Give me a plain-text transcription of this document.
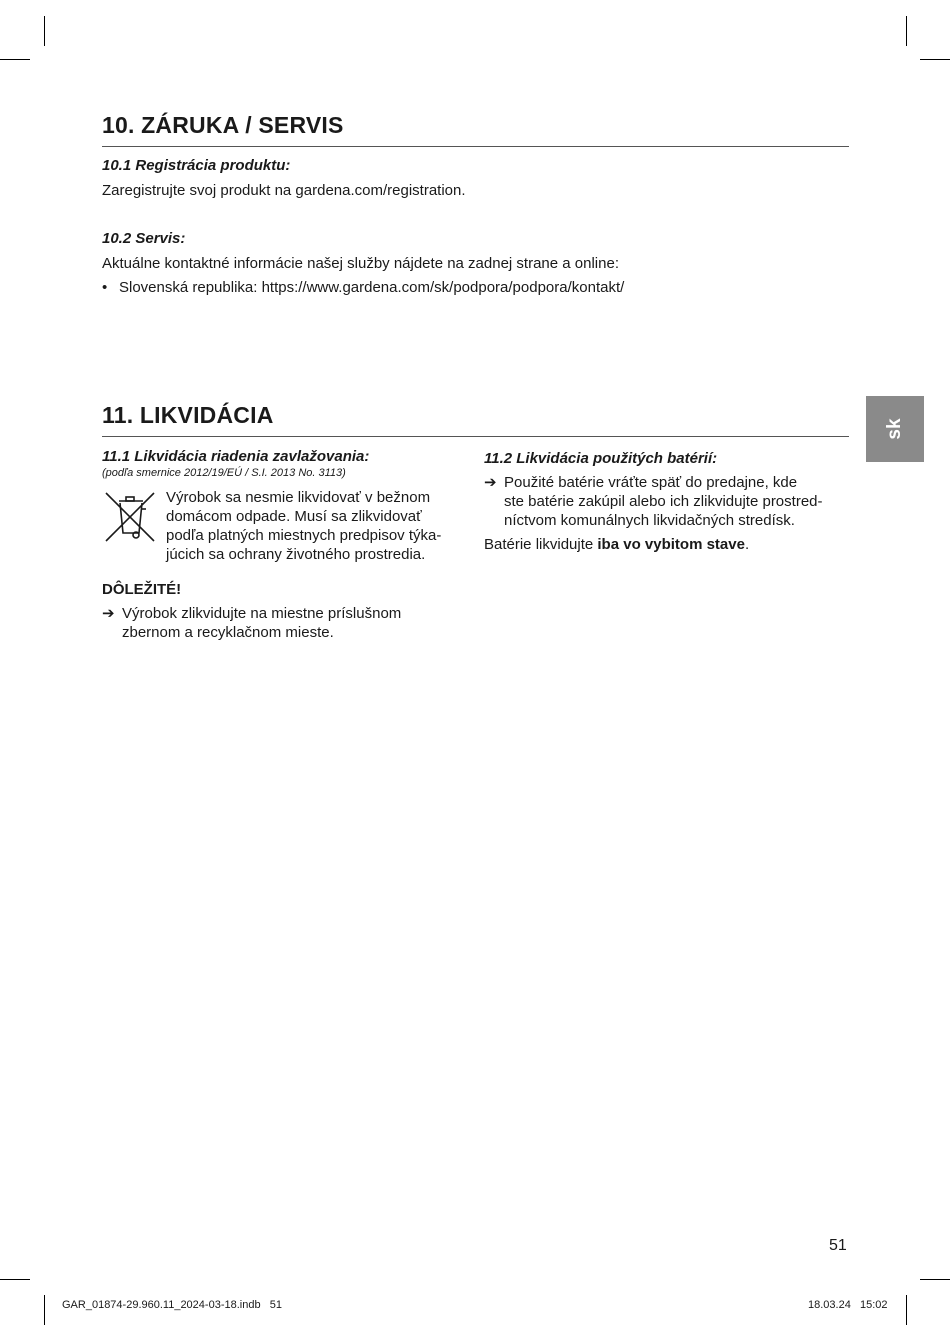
10. ZÁRUKA / SERVIS
10.1 Registrácia produktu:
Zaregistrujte svoj produkt na gardena.com/registration.
10.2 Servis:
Aktuálne kontaktné informácie našej služby nájdete na zadnej strane a online:
• Slovenská republika: https://www.gardena.com/sk/podpora/podpora/kontakt/
11. LIKVIDÁCIA
sk
11.1 Likvidácia riadenia zavlažovania:
(podľa smernice 2012/19/EÚ / S.I. 2013 No. 3113)
Výrobok sa nesmie likvidovať v bežnom
domácom odpade. Musí sa zlikvidovať
podľa platných miestnych predpisov týka-
júcich sa ochrany životného prostredia.
DÔLEŽITÉ!
➔ Výrobok zlikvidujte na miestne príslušnom
zbernom a recyklačnom mieste.
11.2 Likvidácia použitých batérií:
➔ Použité batérie vráťte späť do predajne, kde
ste batérie zakúpil alebo ich zlikvidujte prostred-
níctvom komunálnych likvidačných stredísk.
Batérie likvidujte iba vo vybitom stave.
51
GAR_01874-29.960.11_2024-03-18.indb   51	18.03.24   15:02
